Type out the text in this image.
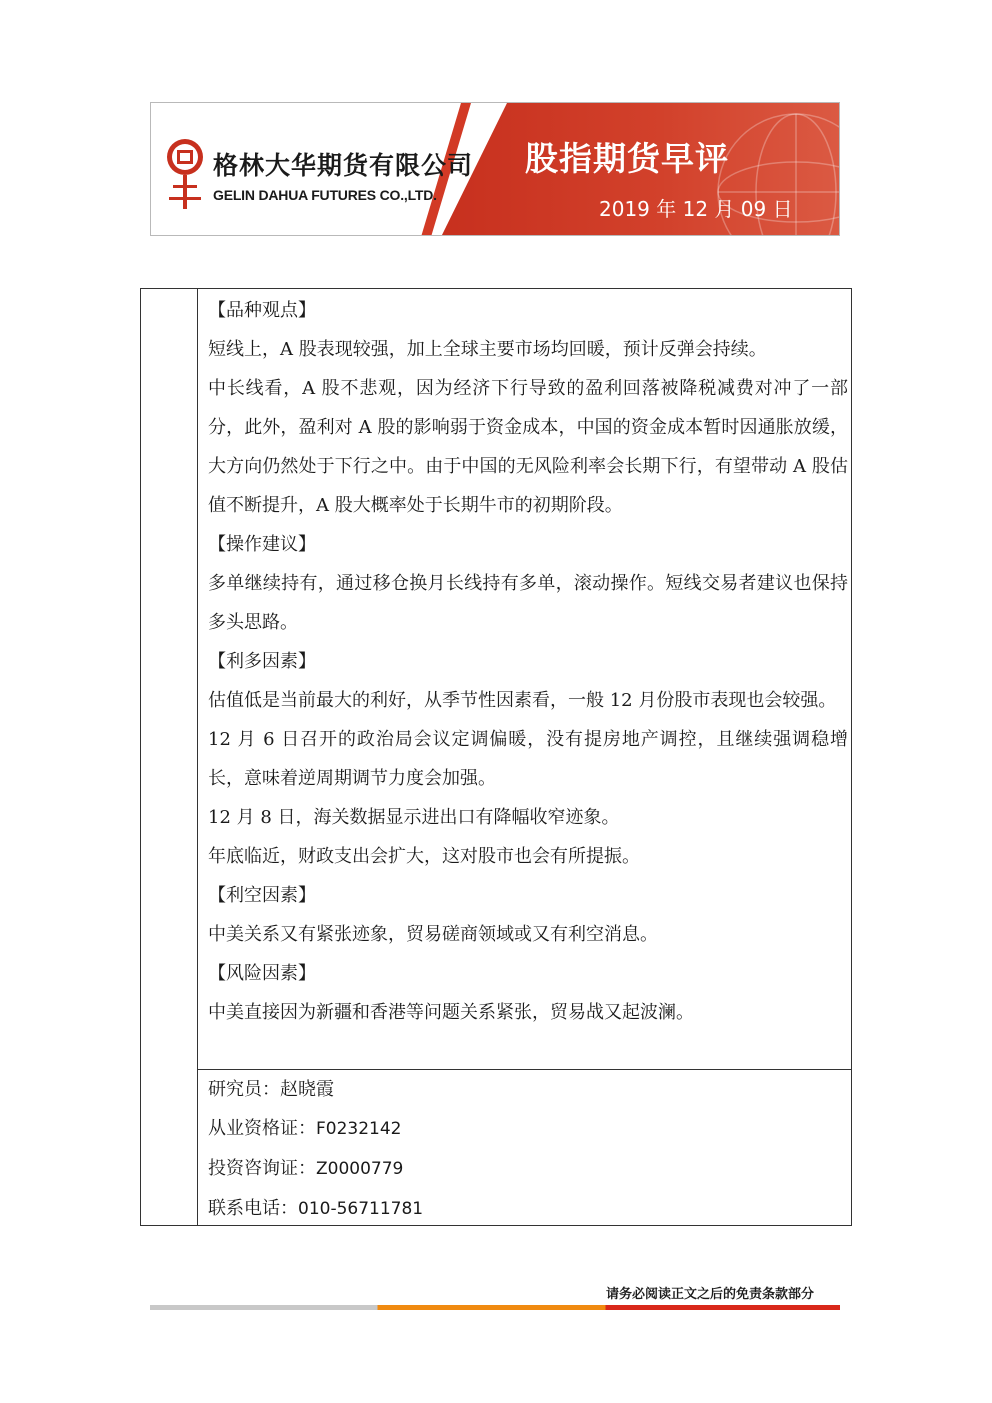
格林大华期货有限公司
GELIN DAHUA FUTURES CO.,LTD.
股指期货早评
2019 年 12 月 09 日

【品种观点】

短线上，A 股表现较强，加上全球主要市场均回暖，预计反弹会持续。

中长线看，A 股不悲观，因为经济下行导致的盈利回落被降税减费对冲了一部分，此外，盈利对 A 股的影响弱于资金成本，中国的资金成本暂时因通胀放缓，大方向仍然处于下行之中。由于中国的无风险利率会长期下行，有望带动 A 股估值不断提升，A 股大概率处于长期牛市的初期阶段。

【操作建议】

多单继续持有，通过移仓换月长线持有多单，滚动操作。短线交易者建议也保持多头思路。

【利多因素】

估值低是当前最大的利好，从季节性因素看，一般 12 月份股市表现也会较强。

12 月 6 日召开的政治局会议定调偏暖，没有提房地产调控，且继续强调稳增长，意味着逆周期调节力度会加强。

12 月 8 日，海关数据显示进出口有降幅收窄迹象。

年底临近，财政支出会扩大，这对股市也会有所提振。

【利空因素】

中美关系又有紧张迹象，贸易磋商领域或又有利空消息。

【风险因素】

中美直接因为新疆和香港等问题关系紧张，贸易战又起波澜。

研究员：赵晓霞

从业资格证：F0232142

投资咨询证：Z0000779

联系电话：010-56711781

请务必阅读正文之后的免责条款部分
